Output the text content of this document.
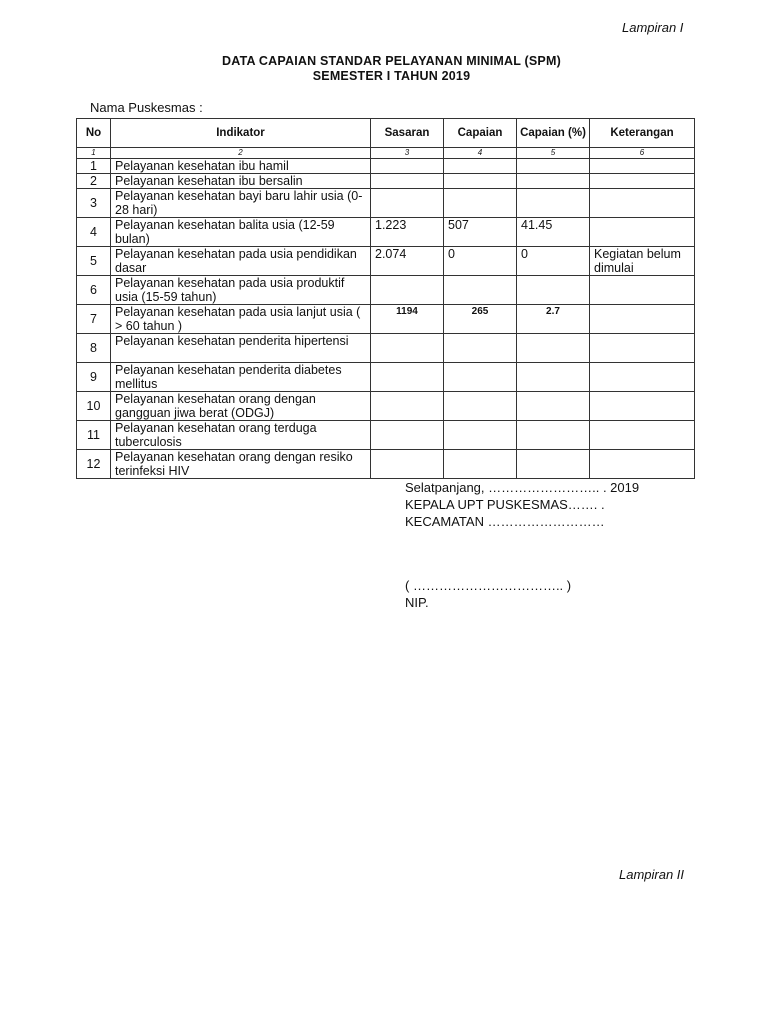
Lampiran I
DATA CAPAIAN STANDAR PELAYANAN MINIMAL (SPM)
SEMESTER I TAHUN 2019
Nama Puskesmas :
No	Indikator	Sasaran	Capaian	Capaian (%)	Keterangan
1	2	3	4	5	6
1	Pelayanan kesehatan ibu hamil				
2	Pelayanan kesehatan ibu bersalin				
3	Pelayanan kesehatan bayi baru lahir usia (0-28 hari)				
4	Pelayanan kesehatan balita usia (12-59 bulan)	1.223	507	41.45	
5	Pelayanan kesehatan pada usia pendidikan dasar	2.074	0	0	Kegiatan belum dimulai
6	Pelayanan kesehatan pada usia produktif usia (15-59 tahun)				
7	Pelayanan kesehatan pada usia lanjut usia ( > 60 tahun )	1194	265	2.7	
8	Pelayanan kesehatan penderita hipertensi				
9	Pelayanan kesehatan penderita diabetes mellitus				
10	Pelayanan kesehatan orang dengan gangguan jiwa berat (ODGJ)				
11	Pelayanan kesehatan orang terduga tuberculosis				
12	Pelayanan kesehatan orang dengan resiko terinfeksi HIV				
Selatpanjang, …………………….. . 2019
KEPALA UPT PUSKESMAS……. .
KECAMATAN ………………………
( …………………………….. )
NIP.
Lampiran II
